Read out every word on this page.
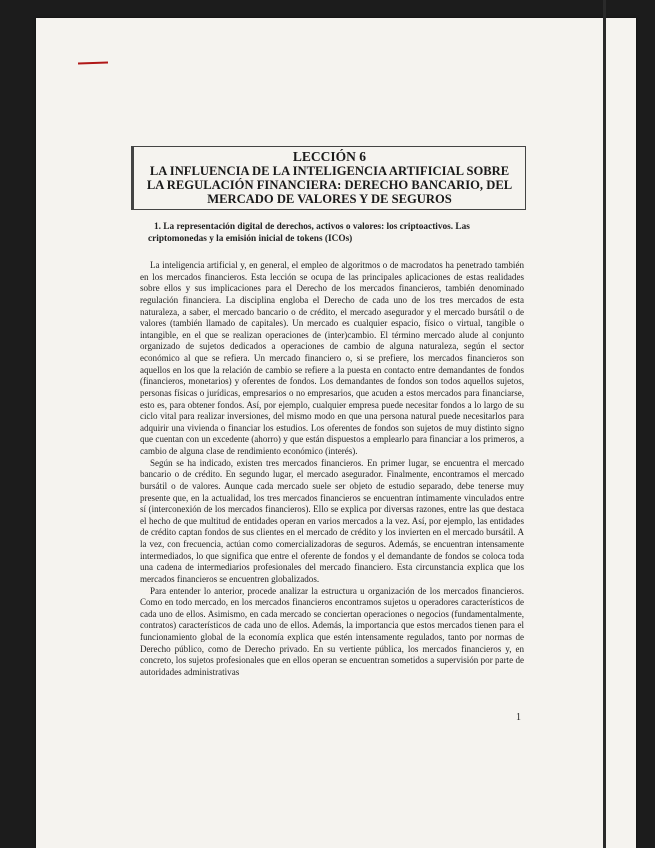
LECCIÓN 6
LA INFLUENCIA DE LA INTELIGENCIA ARTIFICIAL SOBRE
LA REGULACIÓN FINANCIERA: DERECHO BANCARIO, DEL
MERCADO DE VALORES Y DE SEGUROS
1. La representación digital de derechos, activos o valores: los criptoactivos. Las criptomonedas y la emisión inicial de tokens (ICOs)

La inteligencia artificial y, en general, el empleo de algoritmos o de macrodatos ha penetrado también en los mercados financieros. Esta lección se ocupa de las principales aplicaciones de estas realidades sobre ellos y sus implicaciones para el Derecho de los mercados financieros, también denominado regulación financiera. La disciplina engloba el Derecho de cada uno de los tres mercados de esta naturaleza, a saber, el mercado bancario o de crédito, el mercado asegurador y el mercado bursátil o de valores (también llamado de capitales). Un mercado es cualquier espacio, físico o virtual, tangible o intangible, en el que se realizan operaciones de (inter)cambio. El término mercado alude al conjunto organizado de sujetos dedicados a operaciones de cambio de alguna naturaleza, según el sector económico al que se refiera. Un mercado financiero o, si se prefiere, los mercados financieros son aquellos en los que la relación de cambio se refiere a la puesta en contacto entre demandantes de fondos (financieros, monetarios) y oferentes de fondos. Los demandantes de fondos son todos aquellos sujetos, personas físicas o jurídicas, empresarios o no empresarios, que acuden a estos mercados para financiarse, esto es, para obtener fondos. Así, por ejemplo, cualquier empresa puede necesitar fondos a lo largo de su ciclo vital para realizar inversiones, del mismo modo en que una persona natural puede necesitarlos para adquirir una vivienda o financiar los estudios. Los oferentes de fondos son sujetos de muy distinto signo que cuentan con un excedente (ahorro) y que están dispuestos a emplearlo para financiar a los primeros, a cambio de alguna clase de rendimiento económico (interés).

Según se ha indicado, existen tres mercados financieros. En primer lugar, se encuentra el mercado bancario o de crédito. En segundo lugar, el mercado asegurador. Finalmente, encontramos el mercado bursátil o de valores. Aunque cada mercado suele ser objeto de estudio separado, debe tenerse muy presente que, en la actualidad, los tres mercados financieros se encuentran íntimamente vinculados entre sí (interconexión de los mercados financieros). Ello se explica por diversas razones, entre las que destaca el hecho de que multitud de entidades operan en varios mercados a la vez. Así, por ejemplo, las entidades de crédito captan fondos de sus clientes en el mercado de crédito y los invierten en el mercado bursátil. A la vez, con frecuencia, actúan como comercializadoras de seguros. Además, se encuentran intensamente intermediados, lo que significa que entre el oferente de fondos y el demandante de fondos se coloca toda una cadena de intermediarios profesionales del mercado financiero. Esta circunstancia explica que los mercados financieros se encuentren globalizados.

Para entender lo anterior, procede analizar la estructura u organización de los mercados financieros. Como en todo mercado, en los mercados financieros encontramos sujetos u operadores característicos de cada uno de ellos. Asimismo, en cada mercado se conciertan operaciones o negocios (fundamentalmente, contratos) característicos de cada uno de ellos. Además, la importancia que estos mercados tienen para el funcionamiento global de la economía explica que estén intensamente regulados, tanto por normas de Derecho público, como de Derecho privado. En su vertiente pública, los mercados financieros y, en concreto, los sujetos profesionales que en ellos operan se encuentran sometidos a supervisión por parte de autoridades administrativas

1
